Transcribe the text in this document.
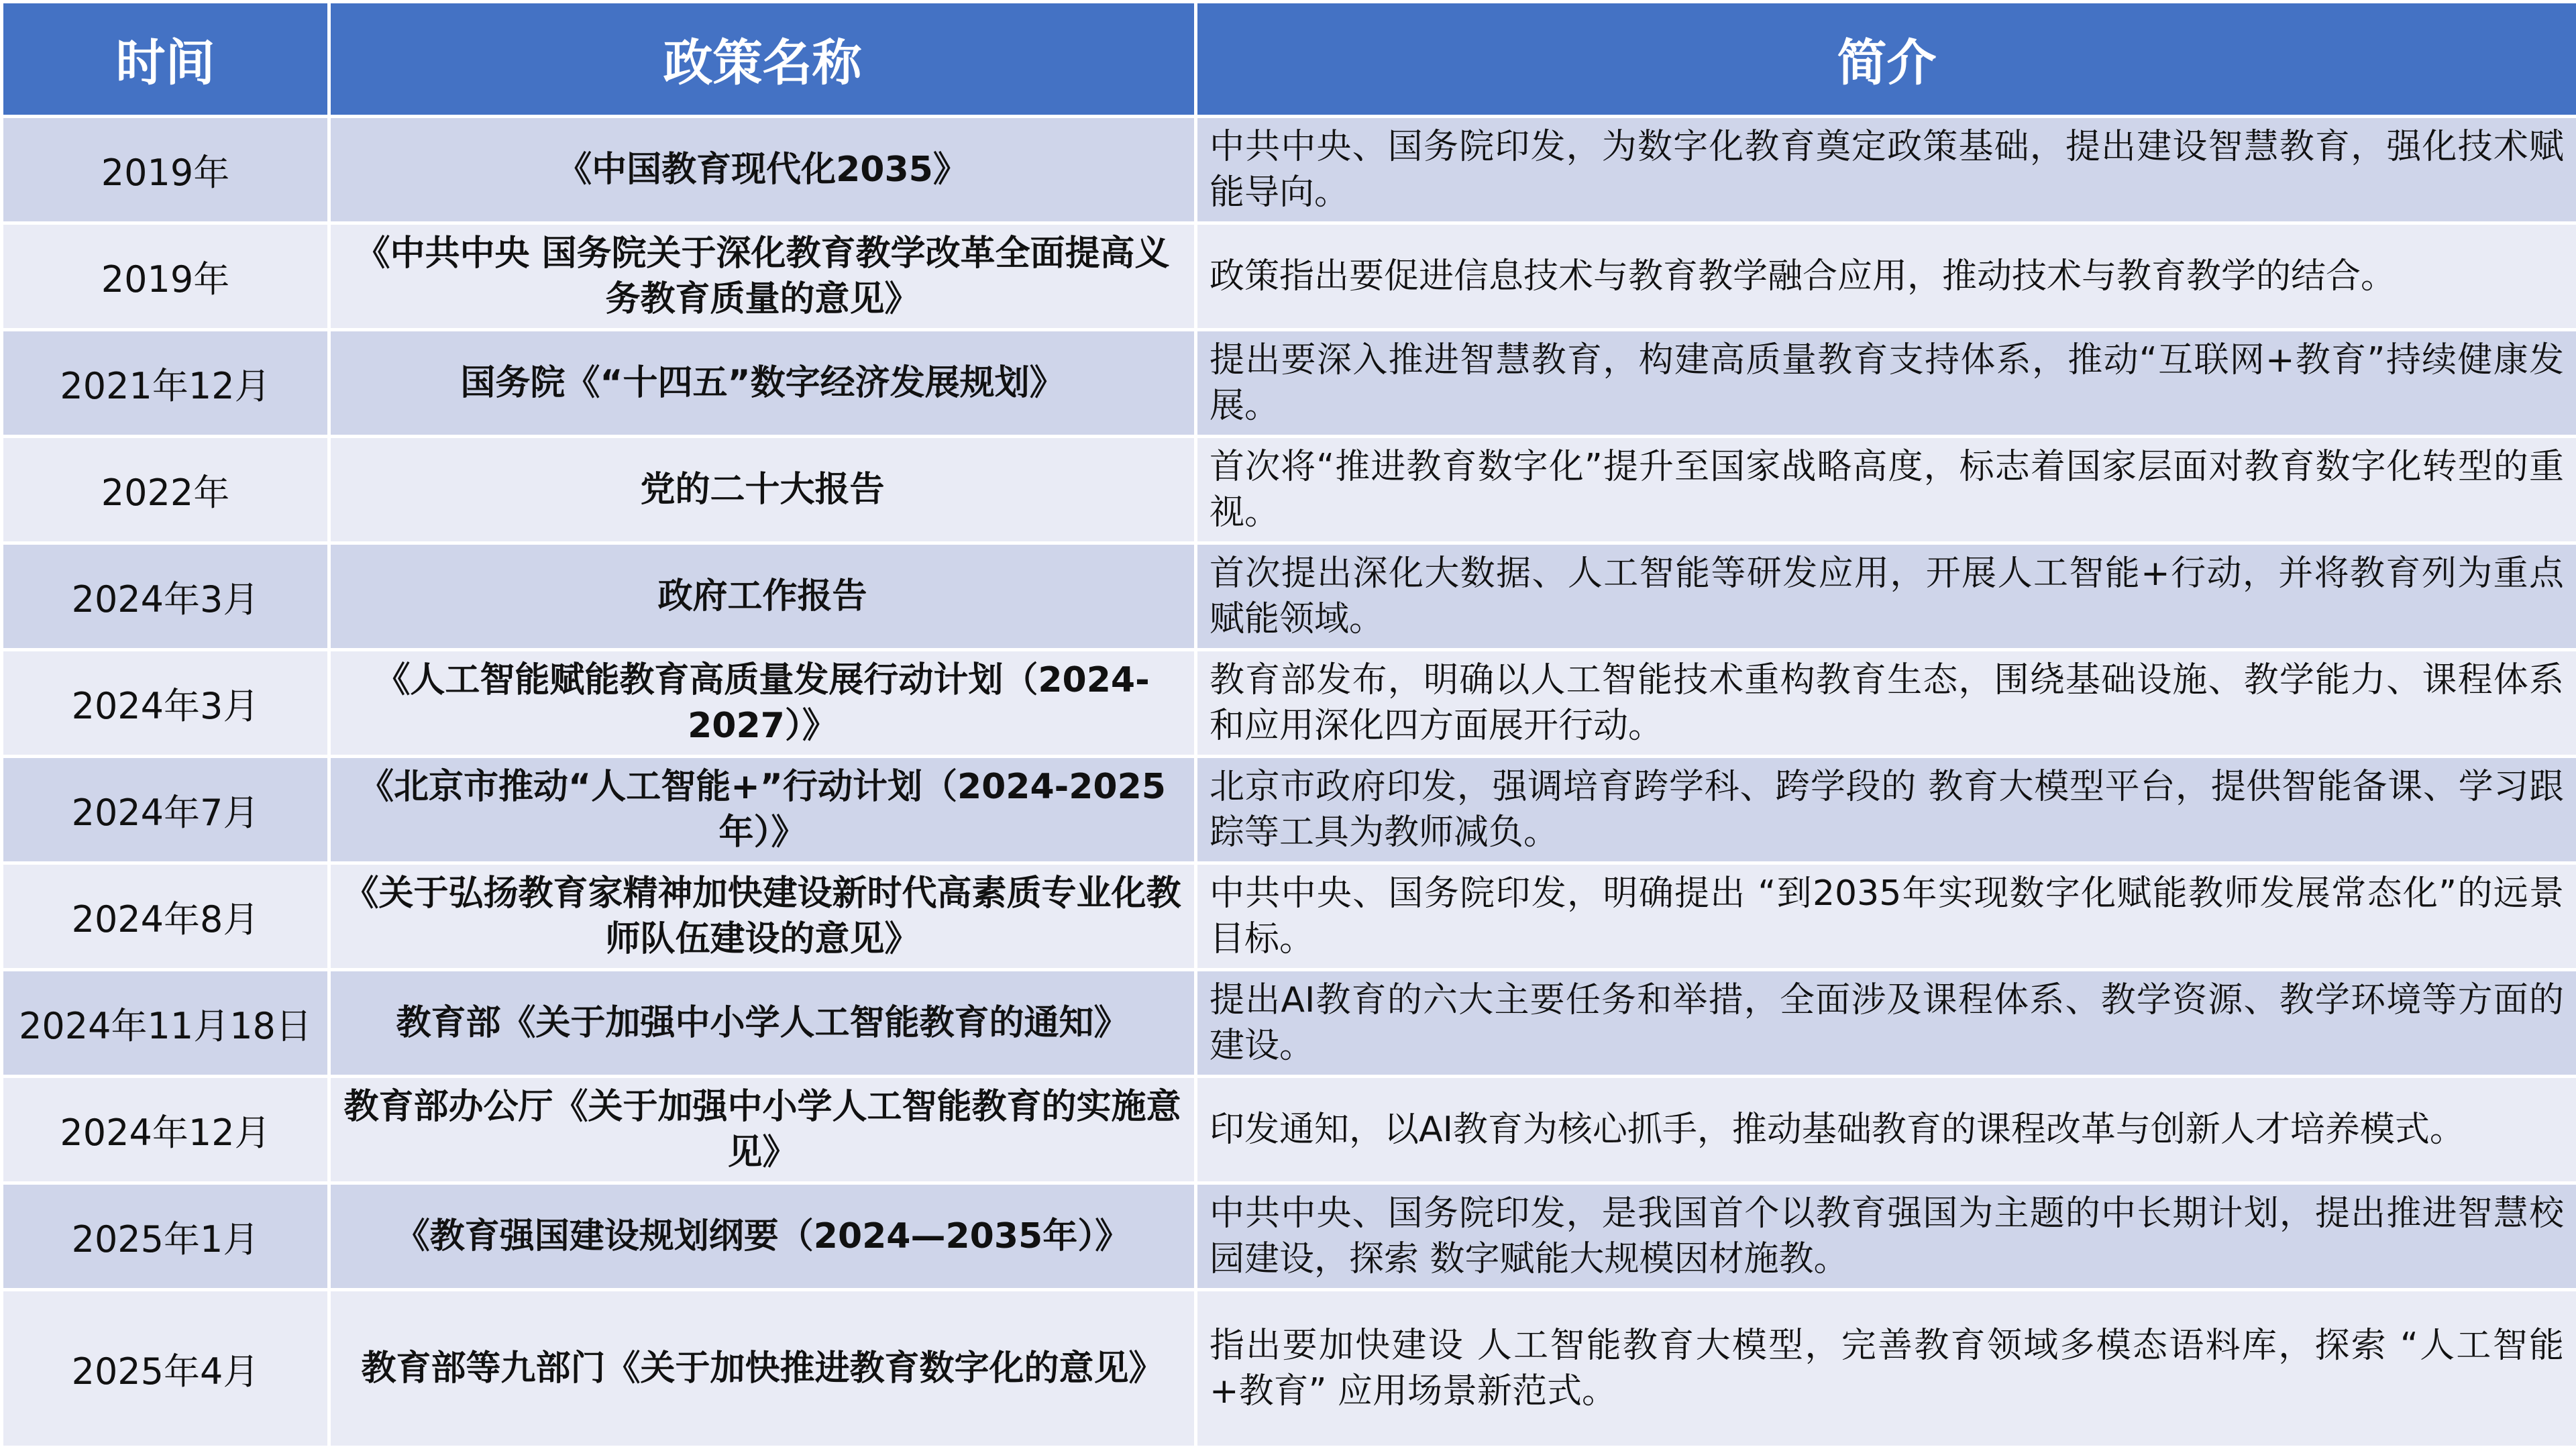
时间	政策名称	简介
2019年	《中国教育现代化2035》	中共中央、国务院印发，为数字化教育奠定政策基础，提出建设智慧教育，强化技术赋能导向。
2019年	《中共中央 国务院关于深化教育教学改革全面提高义务教育质量的意见》	政策指出要促进信息技术与教育教学融合应用，推动技术与教育教学的结合。
2021年12月	国务院《“十四五”数字经济发展规划》	提出要深入推进智慧教育，构建高质量教育支持体系，推动“互联网+教育”持续健康发展。
2022年	党的二十大报告	首次将“推进教育数字化”提升至国家战略高度，标志着国家层面对教育数字化转型的重视。
2024年3月	政府工作报告	首次提出深化大数据、人工智能等研发应用，开展人工智能+行动，并将教育列为重点赋能领域。
2024年3月	《人工智能赋能教育高质量发展行动计划（2024-2027）》	教育部发布，明确以人工智能技术重构教育生态，围绕基础设施、教学能力、课程体系和应用深化四方面展开行动。
2024年7月	《北京市推动“人工智能+”行动计划（2024-2025年）》	北京市政府印发，强调培育跨学科、跨学段的 教育大模型平台，提供智能备课、学习跟踪等工具为教师减负。
2024年8月	《关于弘扬教育家精神加快建设新时代高素质专业化教师队伍建设的意见》	中共中央、国务院印发，明确提出 “到2035年实现数字化赋能教师发展常态化”的远景目标。
2024年11月18日	教育部《关于加强中小学人工智能教育的通知》	提出AI教育的六大主要任务和举措，全面涉及课程体系、教学资源、教学环境等方面的建设。
2024年12月	教育部办公厅《关于加强中小学人工智能教育的实施意见》	印发通知，以AI教育为核心抓手，推动基础教育的课程改革与创新人才培养模式。
2025年1月	《教育强国建设规划纲要（2024—2035年）》	中共中央、国务院印发，是我国首个以教育强国为主题的中长期计划，提出推进智慧校园建设，探索 数字赋能大规模因材施教。
2025年4月	教育部等九部门《关于加快推进教育数字化的意见》	指出要加快建设 人工智能教育大模型，完善教育领域多模态语料库，探索 “人工智能+教育” 应用场景新范式。
